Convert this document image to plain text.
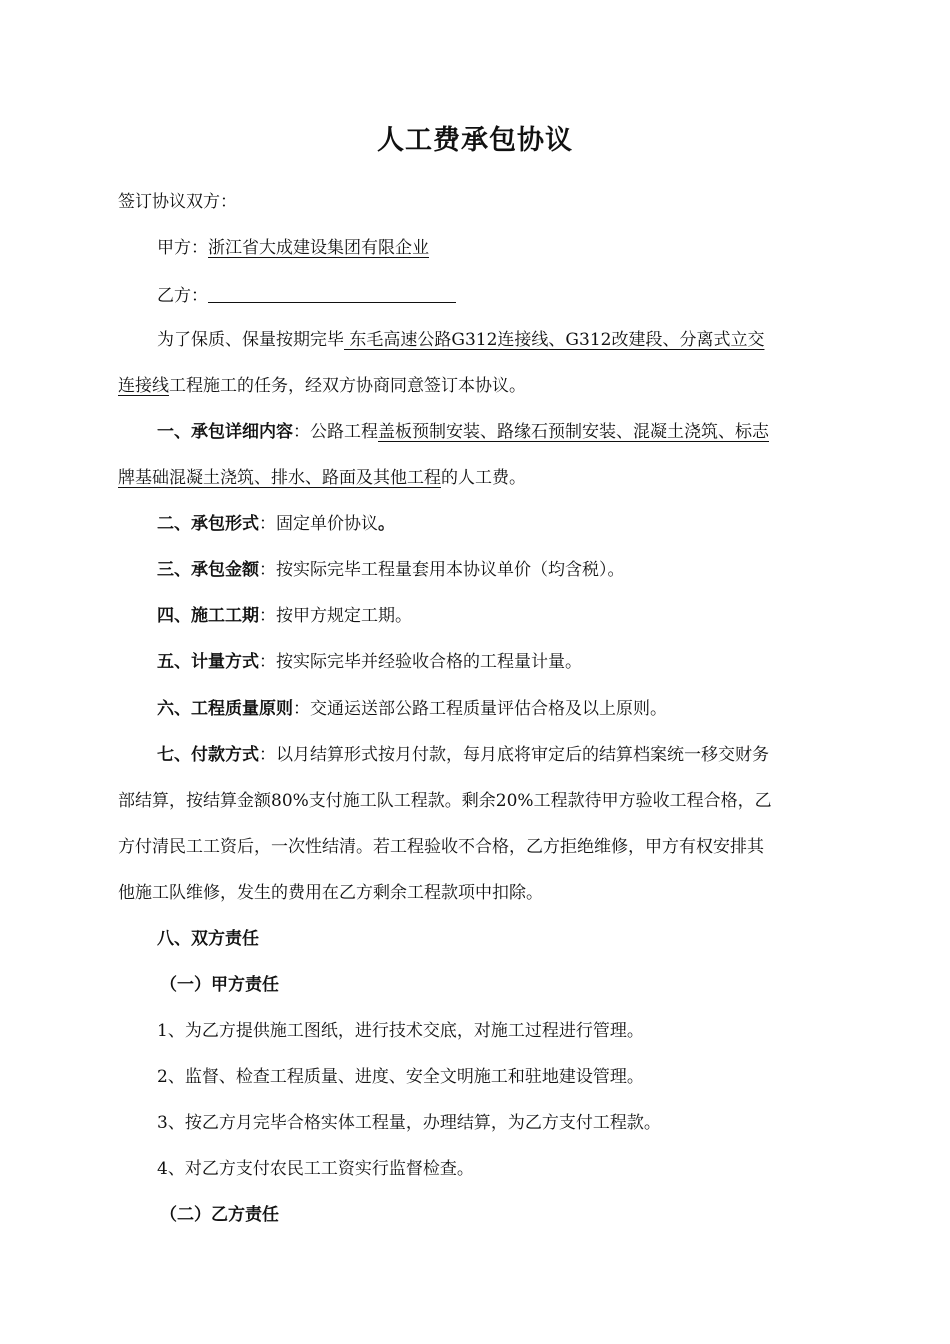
人工费承包协议
签订协议双方：
甲方：浙江省大成建设集团有限企业
乙方：
为了保质、保量按期完毕 东毛高速公路G312连接线、G312改建段、分离式立交
连接线工程施工的任务，经双方协商同意签订本协议。
一、承包详细内容：公路工程盖板预制安装、路缘石预制安装、混凝土浇筑、标志
牌基础混凝土浇筑、排水、路面及其他工程的人工费。
二、承包形式：固定单价协议。
三、承包金额：按实际完毕工程量套用本协议单价（均含税）。
四、施工工期：按甲方规定工期。
五、计量方式：按实际完毕并经验收合格的工程量计量。
六、工程质量原则：交通运送部公路工程质量评估合格及以上原则。
七、付款方式：以月结算形式按月付款，每月底将审定后的结算档案统一移交财务
部结算，按结算金额80%支付施工队工程款。剩余20%工程款待甲方验收工程合格，乙
方付清民工工资后，一次性结清。若工程验收不合格，乙方拒绝维修，甲方有权安排其
他施工队维修，发生的费用在乙方剩余工程款项中扣除。
八、双方责任
（一）甲方责任
1、为乙方提供施工图纸，进行技术交底，对施工过程进行管理。
2、监督、检查工程质量、进度、安全文明施工和驻地建设管理。
3、按乙方月完毕合格实体工程量，办理结算，为乙方支付工程款。
4、对乙方支付农民工工资实行监督检查。
（二）乙方责任
